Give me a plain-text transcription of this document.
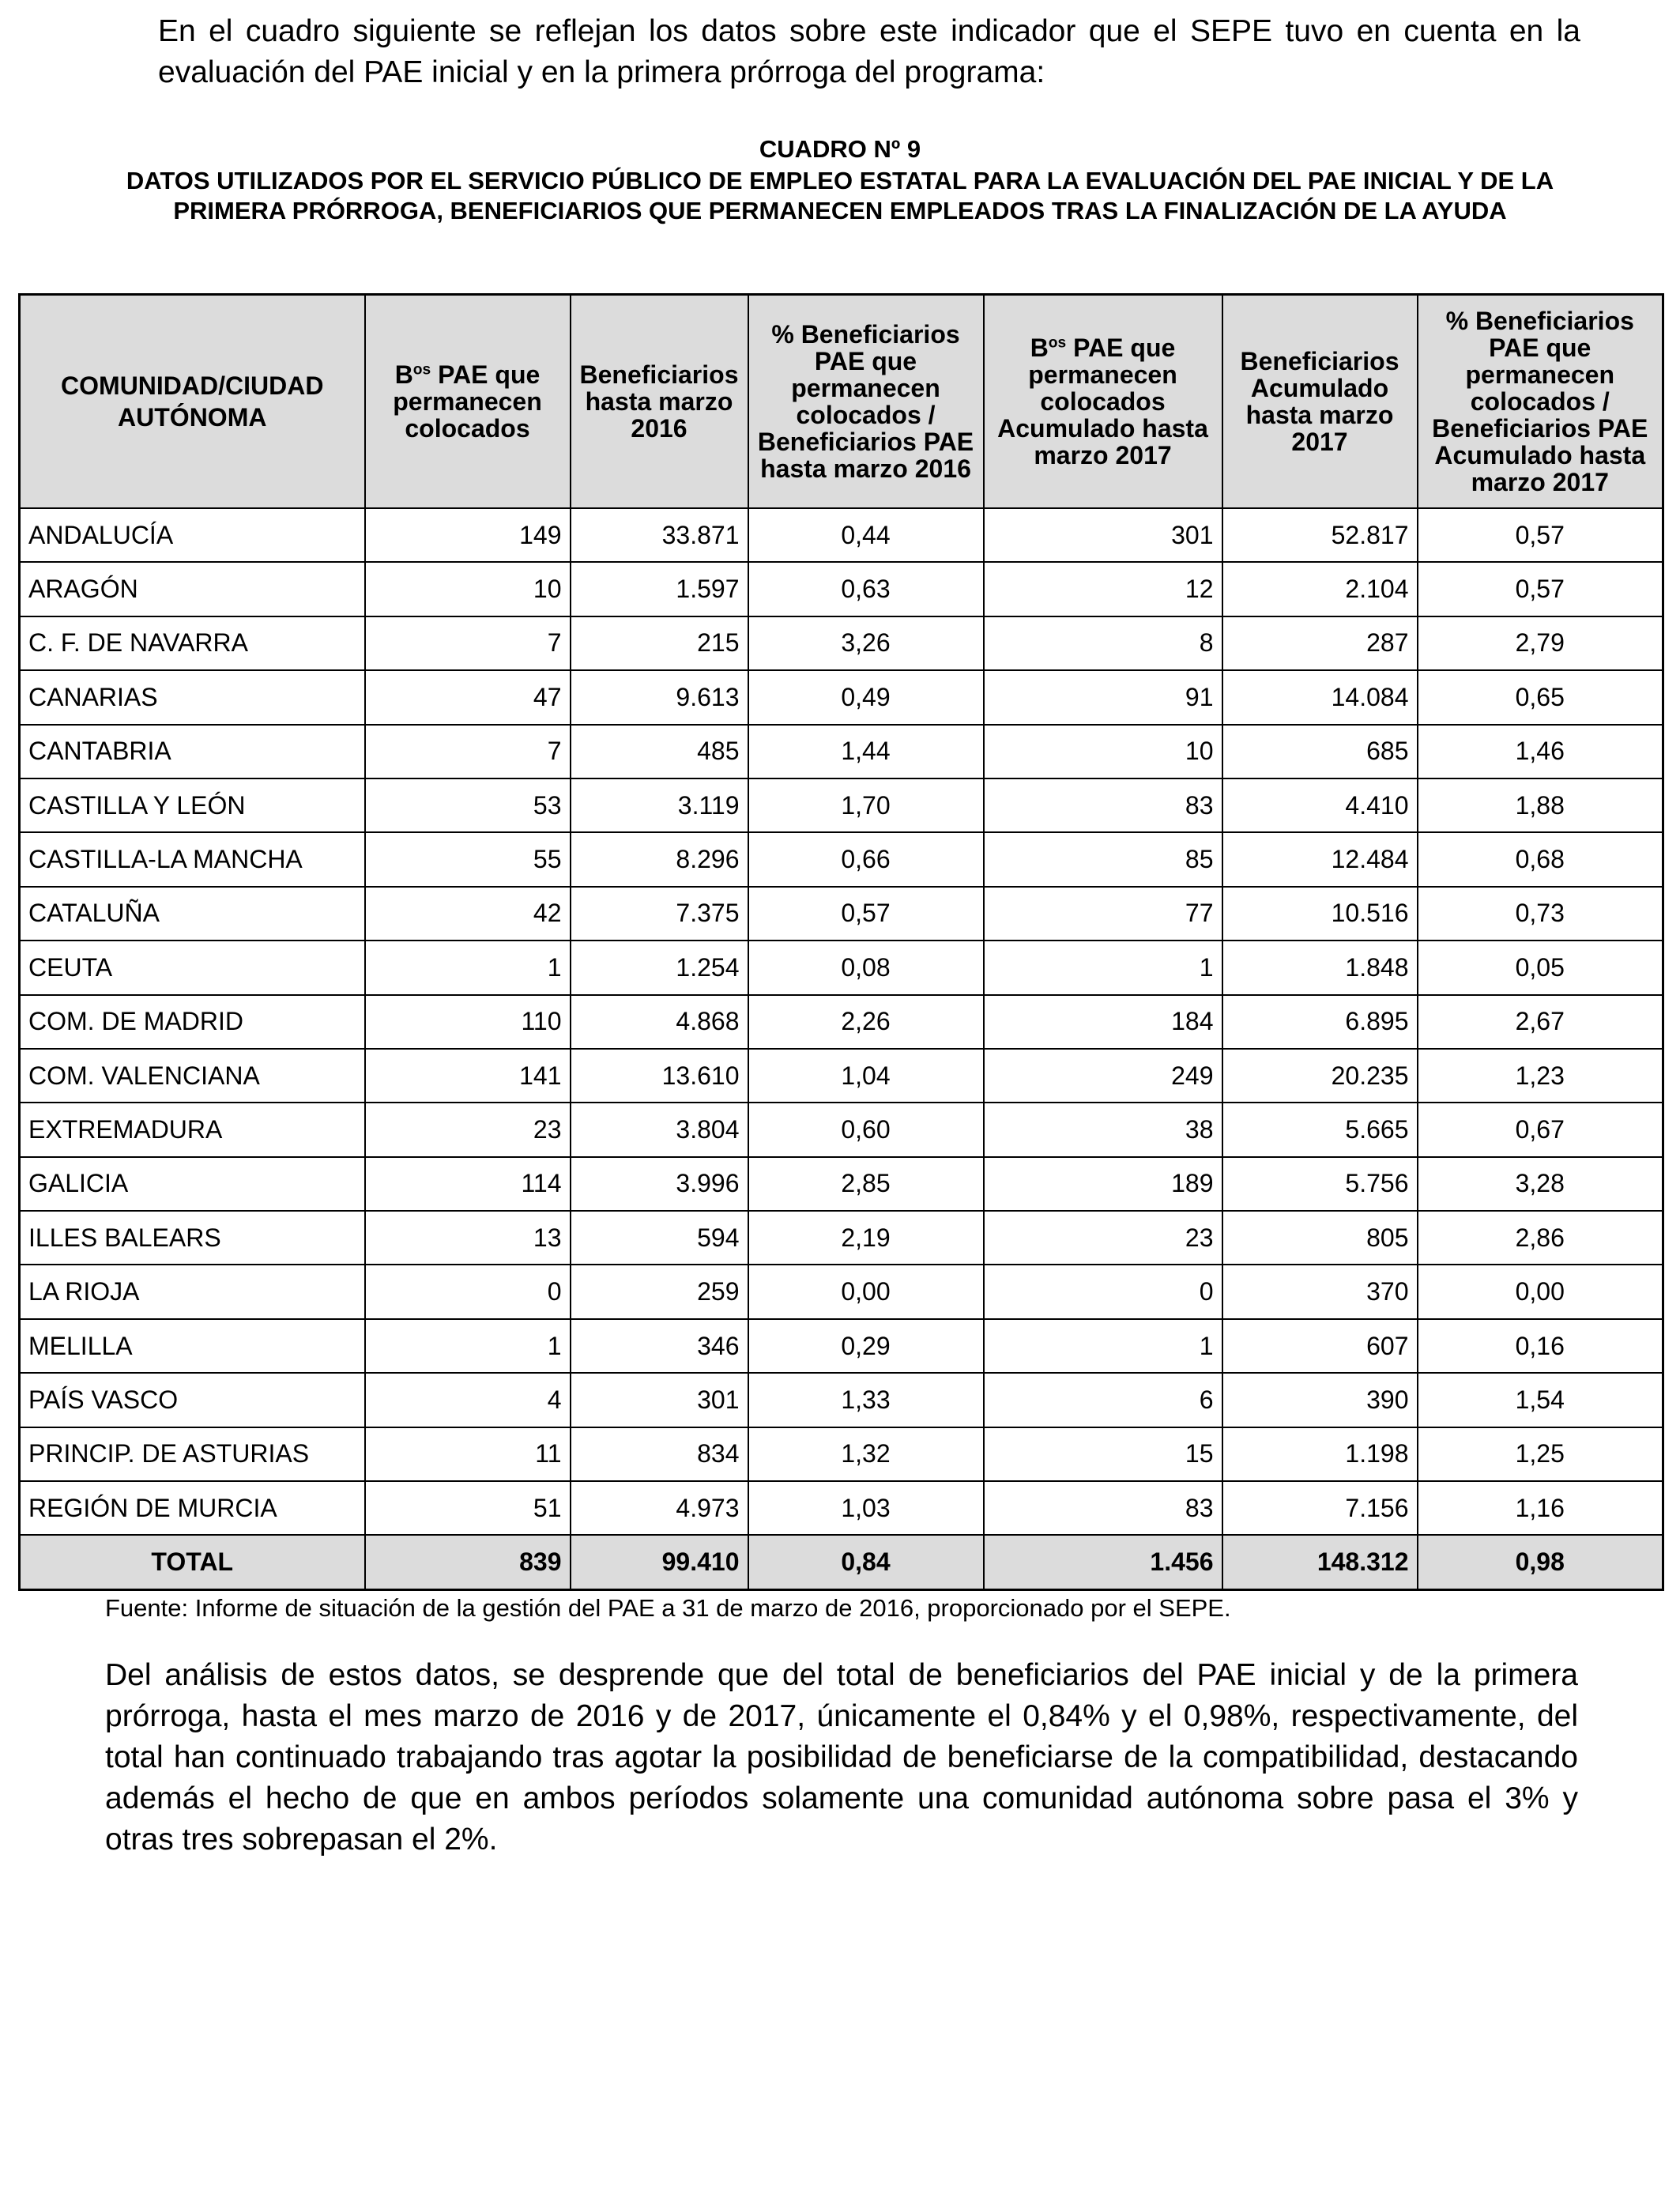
En el cuadro siguiente se reflejan los datos sobre este indicador que el SEPE tuvo en cuenta en la evaluación del PAE inicial y en la primera prórroga del programa:

CUADRO Nº 9

DATOS UTILIZADOS POR EL SERVICIO PÚBLICO DE EMPLEO ESTATAL PARA LA EVALUACIÓN DEL PAE INICIAL Y DE LA PRIMERA PRÓRROGA, BENEFICIARIOS QUE PERMANECEN EMPLEADOS TRAS LA FINALIZACIÓN DE LA AYUDA

COMUNIDAD/CIUDAD AUTÓNOMA	$B^{os}$ PAE que permanecen colocados	Beneficiarios hasta marzo 2016	% Beneficiarios PAE que permanecen colocados / Beneficiarios PAE hasta marzo 2016	$B^{os}$ PAE que permanecen colocados Acumulado hasta marzo 2017	Beneficiarios Acumulado hasta marzo 2017	% Beneficiarios PAE que permanecen colocados / Beneficiarios PAE Acumulado hasta marzo 2017
ANDALUCÍA	149	33.871	0,44	301	52.817	0,57
ARAGÓN	10	1.597	0,63	12	2.104	0,57
C. F. DE NAVARRA	7	215	3,26	8	287	2,79
CANARIAS	47	9.613	0,49	91	14.084	0,65
CANTABRIA	7	485	1,44	10	685	1,46
CASTILLA Y LEÓN	53	3.119	1,70	83	4.410	1,88
CASTILLA-LA MANCHA	55	8.296	0,66	85	12.484	0,68
CATALUÑA	42	7.375	0,57	77	10.516	0,73
CEUTA	1	1.254	0,08	1	1.848	0,05
COM. DE MADRID	110	4.868	2,26	184	6.895	2,67
COM. VALENCIANA	141	13.610	1,04	249	20.235	1,23
EXTREMADURA	23	3.804	0,60	38	5.665	0,67
GALICIA	114	3.996	2,85	189	5.756	3,28
ILLES BALEARS	13	594	2,19	23	805	2,86
LA RIOJA	0	259	0,00	0	370	0,00
MELILLA	1	346	0,29	1	607	0,16
PAÍS VASCO	4	301	1,33	6	390	1,54
PRINCIP. DE ASTURIAS	11	834	1,32	15	1.198	1,25
REGIÓN DE MURCIA	51	4.973	1,03	83	7.156	1,16
TOTAL	839	99.410	0,84	1.456	148.312	0,98

Fuente: Informe de situación de la gestión del PAE a 31 de marzo de 2016, proporcionado por el SEPE.

Del análisis de estos datos, se desprende que del total de beneficiarios del PAE inicial y de la primera prórroga, hasta el mes marzo de 2016 y de 2017, únicamente el 0,84% y el 0,98%, respectivamente, del total han continuado trabajando tras agotar la posibilidad de beneficiarse de la compatibilidad, destacando además el hecho de que en ambos períodos solamente una comunidad autónoma sobre pasa el 3% y otras tres sobrepasan el 2%.
